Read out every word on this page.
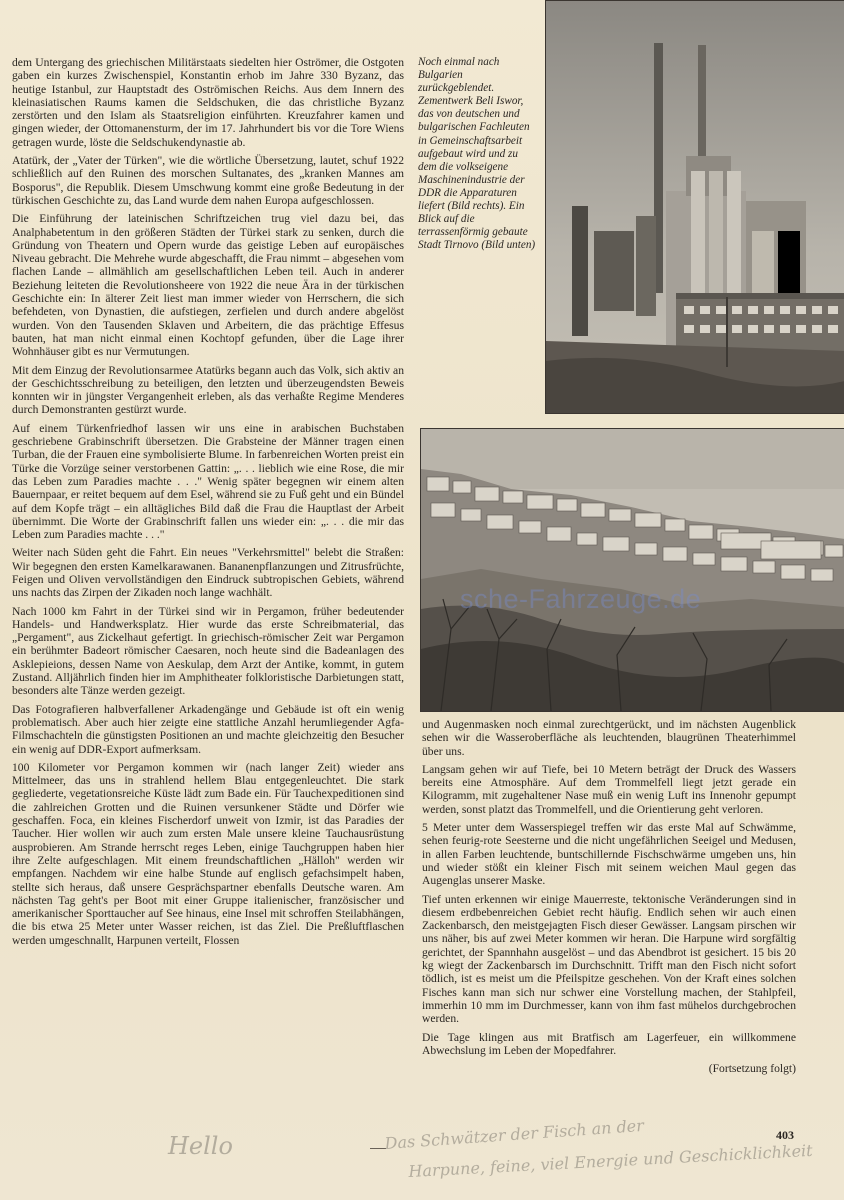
dem Untergang des griechischen Militärstaats siedelten hier Oströmer, die Ostgoten gaben ein kurzes Zwischenspiel, Konstantin erhob im Jahre 330 Byzanz, das heutige Istanbul, zur Hauptstadt des Oströmischen Reichs. Aus dem Innern des kleinasiatischen Raums kamen die Seldschuken, die das christliche Byzanz zerstörten und den Islam als Staatsreligion einführten. Kreuzfahrer kamen und gingen wieder, der Ottomanensturm, der im 17. Jahrhundert bis vor die Tore Wiens getragen wurde, löste die Seldschukendynastie ab.

Atatürk, der „Vater der Türken", wie die wörtliche Übersetzung, lautet, schuf 1922 schließlich auf den Ruinen des morschen Sultanates, des „kranken Mannes am Bosporus", die Republik. Diesem Umschwung kommt eine große Bedeutung in der türkischen Geschichte zu, das Land wurde dem nahen Europa aufgeschlossen.

Die Einführung der lateinischen Schriftzeichen trug viel dazu bei, das Analphabetentum in den größeren Städten der Türkei stark zu senken, durch die Gründung von Theatern und Opern wurde das geistige Leben auf europäisches Niveau gebracht. Die Mehrehe wurde abgeschafft, die Frau nimmt – abgesehen vom flachen Lande – allmählich am gesellschaftlichen Leben teil. Auch in anderer Beziehung leiteten die Revolutionsheere von 1922 die neue Ära in der türkischen Geschichte ein: In älterer Zeit liest man immer wieder von Herrschern, die sich befehdeten, von Dynastien, die aufstiegen, zerfielen und durch andere abgelöst wurden. Von den Tausenden Sklaven und Arbeitern, die das prächtige Effesus bauten, hat man nicht einmal einen Kochtopf gefunden, über die Lage ihrer Wohnhäuser gibt es nur Vermutungen.

Mit dem Einzug der Revolutionsarmee Atatürks begann auch das Volk, sich aktiv an der Geschichtsschreibung zu beteiligen, den letzten und überzeugendsten Beweis konnten wir in jüngster Vergangenheit erleben, als das verhaßte Regime Menderes durch Demonstranten gestürzt wurde.

Auf einem Türkenfriedhof lassen wir uns eine in arabischen Buchstaben geschriebene Grabinschrift übersetzen. Die Grabsteine der Männer tragen einen Turban, die der Frauen eine symbolisierte Blume. In farbenreichen Worten preist ein Türke die Vorzüge seiner verstorbenen Gattin: „. . . lieblich wie eine Rose, die mir das Leben zum Paradies machte . . ." Wenig später begegnen wir einem alten Bauernpaar, er reitet bequem auf dem Esel, während sie zu Fuß geht und ein Bündel auf dem Kopfe trägt – ein alltägliches Bild daß die Frau die Hauptlast der Arbeit übernimmt. Die Worte der Grabinschrift fallen uns wieder ein: „. . . die mir das Leben zum Paradies machte . . ."

Weiter nach Süden geht die Fahrt. Ein neues "Verkehrsmittel" belebt die Straßen: Wir begegnen den ersten Kamelkarawanen. Bananenpflanzungen und Zitrusfrüchte, Feigen und Oliven vervollständigen den Eindruck subtropischen Gebiets, während uns nachts das Zirpen der Zikaden noch lange wachhält.

Nach 1000 km Fahrt in der Türkei sind wir in Pergamon, früher bedeutender Handels- und Handwerksplatz. Hier wurde das erste Schreibmaterial, das „Pergament", aus Zickelhaut gefertigt. In griechisch-römischer Zeit war Pergamon ein berühmter Badeort römischer Caesaren, noch heute sind die Badeanlagen des Asklepieions, dessen Name von Aeskulap, dem Arzt der Antike, kommt, in gutem Zustand. Alljährlich finden hier im Amphitheater folkloristische Darbietungen statt, besonders alte Tänze werden gezeigt.

Das Fotografieren halbverfallener Arkadengänge und Gebäude ist oft ein wenig problematisch. Aber auch hier zeigte eine stattliche Anzahl herumliegender Agfa-Filmschachteln die günstigsten Positionen an und machte gleichzeitig den Besucher ein wenig auf DDR-Export aufmerksam.

100 Kilometer vor Pergamon kommen wir (nach langer Zeit) wieder ans Mittelmeer, das uns in strahlend hellem Blau entgegenleuchtet. Die stark gegliederte, vegetationsreiche Küste lädt zum Bade ein. Für Tauchexpeditionen sind die zahlreichen Grotten und die Ruinen versunkener Städte und Dörfer wie geschaffen. Foca, ein kleines Fischerdorf unweit von Izmir, ist das Paradies der Taucher. Hier wollen wir auch zum ersten Male unsere kleine Tauchausrüstung ausprobieren. Am Strande herrscht reges Leben, einige Tauchgruppen haben hier ihre Zelte aufgeschlagen. Mit einem freundschaftlichen „Hälloh" werden wir empfangen. Nachdem wir eine halbe Stunde auf englisch gefachsimpelt haben, stellte sich heraus, daß unsere Gesprächspartner ebenfalls Deutsche waren. Am nächsten Tag geht's per Boot mit einer Gruppe italienischer, französischer und amerikanischer Sporttaucher auf See hinaus, eine Insel mit schroffen Steilabhängen, die bis etwa 25 Meter unter Wasser reichen, ist das Ziel. Die Preßluftflaschen werden umgeschnallt, Harpunen verteilt, Flossen

Noch einmal nach Bulgarien zurückgeblendet. Zementwerk Beli Iswor, das von deutschen und bulgarischen Fachleuten in Gemeinschaftsarbeit aufgebaut wird und zu dem die volkseigene Maschinenindustrie der DDR die Apparaturen liefert (Bild rechts). Ein Blick auf die terrassenförmig gebaute Stadt Tirnovo (Bild unten)

und Augenmasken noch einmal zurechtgerückt, und im nächsten Augenblick sehen wir die Wasseroberfläche als leuchtenden, blaugrünen Theaterhimmel über uns.

Langsam gehen wir auf Tiefe, bei 10 Metern beträgt der Druck des Wassers bereits eine Atmosphäre. Auf dem Trommelfell liegt jetzt gerade ein Kilogramm, mit zugehaltener Nase muß ein wenig Luft ins Innenohr gepumpt werden, sonst platzt das Trommelfell, und die Orientierung geht verloren.

5 Meter unter dem Wasserspiegel treffen wir das erste Mal auf Schwämme, sehen feurig-rote Seesterne und die nicht ungefährlichen Seeigel und Medusen, in allen Farben leuchtende, buntschillernde Fischschwärme umgeben uns, hin und wieder stößt ein kleiner Fisch mit seinem weichen Maul gegen das Augenglas unserer Maske.

Tief unten erkennen wir einige Mauerreste, tektonische Veränderungen sind in diesem erdbebenreichen Gebiet recht häufig. Endlich sehen wir auch einen Zackenbarsch, den meistgejagten Fisch dieser Gewässer. Langsam pirschen wir uns näher, bis auf zwei Meter kommen wir heran. Die Harpune wird sorgfältig gerichtet, der Spannhahn ausgelöst – und das Abendbrot ist gesichert. 15 bis 20 kg wiegt der Zackenbarsch im Durchschnitt. Trifft man den Fisch nicht sofort tödlich, ist es meist um die Pfeilspitze geschehen. Von der Kraft eines solchen Fisches kann man sich nur schwer eine Vorstellung machen, der Stahlpfeil, immerhin 10 mm im Durchmesser, kann von ihm fast mühelos durchgebrochen werden.

Die Tage klingen aus mit Bratfisch am Lagerfeuer, ein willkommene Abwechslung im Leben der Mopedfahrer.

(Fortsetzung folgt)

sche-Fahrzeuge.de
403
Hello	Das Schwätzer der Fisch an der
Harpune, feine, viel Energie und Geschicklichkeit
